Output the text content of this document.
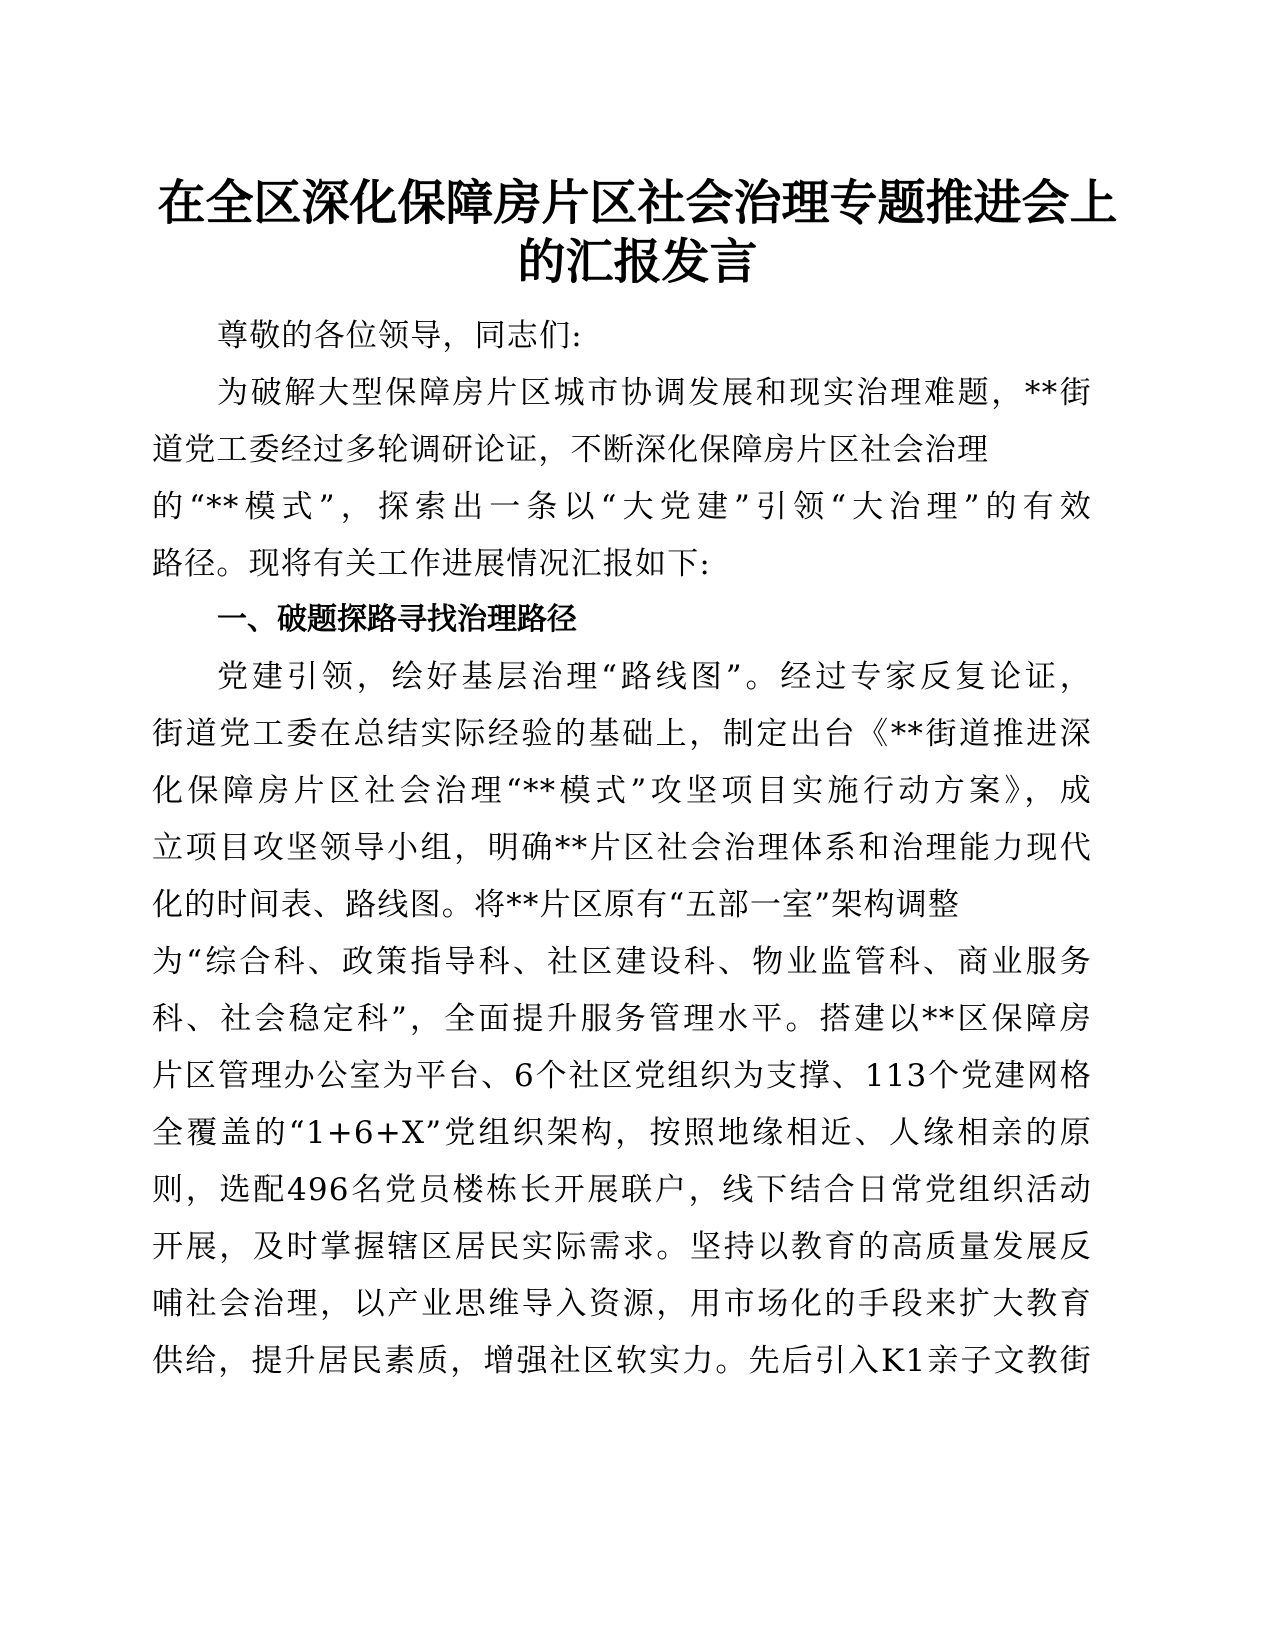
在全区深化保障房片区社会治理专题推进会上
的汇报发言

尊敬的各位领导，同志们:

为破解大型保障房片区城市协调发展和现实治理难题，**街

道党工委经过多轮调研论证，不断深化保障房片区社会治理

的“**模式”，探索出一条以“大党建”引领“大治理”的有效

路径。现将有关工作进展情况汇报如下:

一、破题探路寻找治理路径

党建引领，绘好基层治理“路线图”。经过专家反复论证，

街道党工委在总结实际经验的基础上，制定出台《**街道推进深

化保障房片区社会治理“**模式”攻坚项目实施行动方案》，成

立项目攻坚领导小组，明确**片区社会治理体系和治理能力现代

化的时间表、路线图。将**片区原有“五部一室”架构调整

为“综合科、政策指导科、社区建设科、物业监管科、商业服务

科、社会稳定科”，全面提升服务管理水平。搭建以**区保障房

片区管理办公室为平台、6个社区党组织为支撑、113个党建网格

全覆盖的“1+6+X”党组织架构，按照地缘相近、人缘相亲的原

则，选配496名党员楼栋长开展联户，线下结合日常党组织活动

开展，及时掌握辖区居民实际需求。坚持以教育的高质量发展反

哺社会治理，以产业思维导入资源，用市场化的手段来扩大教育

供给，提升居民素质，增强社区软实力。先后引入K1亲子文教街
